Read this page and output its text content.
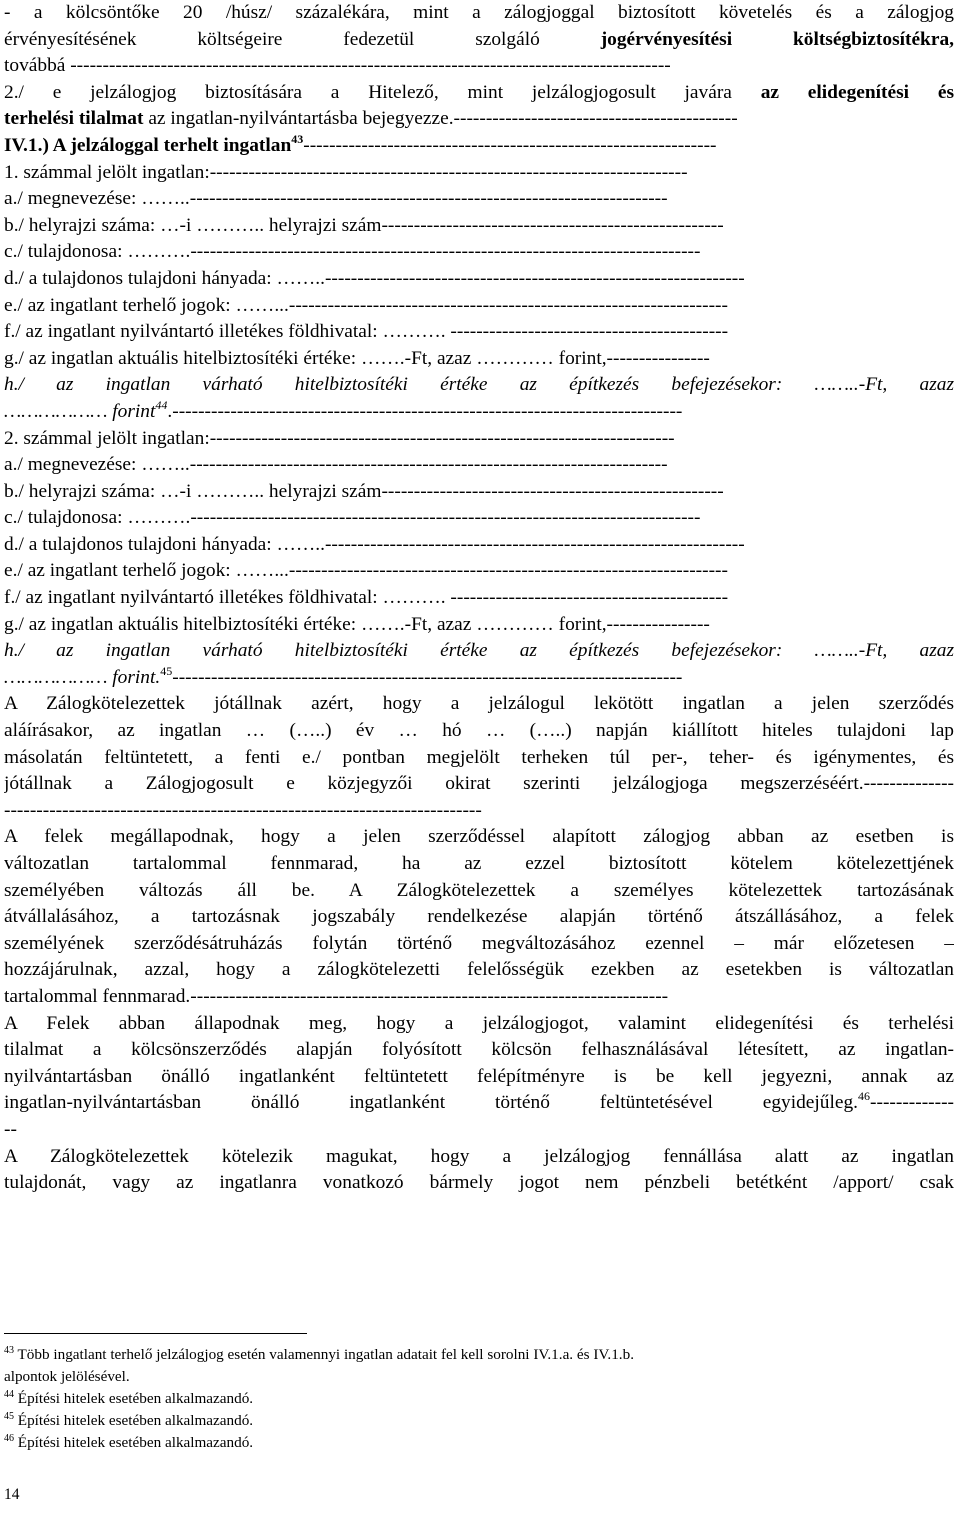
- a kölcsöntőke 20 /húsz/ százalékára, mint a zálogjoggal biztosított követelés és a zálogjog
érvényesítésének költségeire fedezetül szolgáló jogérvényesítési költségbiztosítékra,
továbbá ---------------------------------------------------------------------------------------------
2./ e jelzálogjog biztosítására a Hitelező, mint jelzálogjogosult javára az elidegenítési és
terhelési tilalmat az ingatlan-nyilvántartásba bejegyezze.--------------------------------------------
IV.1.) A jelzáloggal terhelt ingatlan$^{43}$----------------------------------------------------------------
1. számmal jelölt ingatlan:--------------------------------------------------------------------------
a./ megnevezése: ……..--------------------------------------------------------------------------
b./ helyrajzi száma: …-i ……….. helyrajzi szám-----------------------------------------------------
c./ tulajdonosa: ……….-------------------------------------------------------------------------------
d./ a tulajdonos tulajdoni hányada: ……..-----------------------------------------------------------------
e./ az ingatlant terhelő jogok: ……...--------------------------------------------------------------------
f./ az ingatlant nyilvántartó illetékes földhivatal: ………. -------------------------------------------
g./ az ingatlan aktuális hitelbiztosítéki értéke: …….-Ft, azaz ………… forint,----------------
h./ az ingatlan várható hitelbiztosítéki értéke az építkezés befejezésekor: ……..-Ft, azaz
……………… forint$^{44}$.-------------------------------------------------------------------------------
2. számmal jelölt ingatlan:------------------------------------------------------------------------
a./ megnevezése: ……..--------------------------------------------------------------------------
b./ helyrajzi száma: …-i ……….. helyrajzi szám-----------------------------------------------------
c./ tulajdonosa: ……….-------------------------------------------------------------------------------
d./ a tulajdonos tulajdoni hányada: ……..-----------------------------------------------------------------
e./ az ingatlant terhelő jogok: ……...--------------------------------------------------------------------
f./ az ingatlant nyilvántartó illetékes földhivatal: ………. -------------------------------------------
g./ az ingatlan aktuális hitelbiztosítéki értéke: …….-Ft, azaz ………… forint,----------------
h./ az ingatlan várható hitelbiztosítéki értéke az építkezés befejezésekor: ……..-Ft, azaz
……………… forint.$^{45}$-------------------------------------------------------------------------------
A Zálogkötelezettek jótállnak azért, hogy a jelzálogul lekötött ingatlan a jelen szerződés
aláírásakor, az ingatlan … (…..) év … hó … (…..) napján kiállított hiteles tulajdoni lap
másolatán feltüntetett, a fenti e./ pontban megjelölt terheken túl per-, teher- és igénymentes, és
jótállnak a Zálogjogosult e közjegyzői okirat szerinti jelzálogjoga megszerzéséért.--------------
--------------------------------------------------------------------------
A felek megállapodnak, hogy a jelen szerződéssel alapított zálogjog abban az esetben is
változatlan tartalommal fennmarad, ha az ezzel biztosított kötelem kötelezettjének
személyében változás áll be. A Zálogkötelezettek a személyes kötelezettek tartozásának
átvállalásához, a tartozásnak jogszabály rendelkezése alapján történő átszállásához, a felek
személyének szerződésátruházás folytán történő megváltozásához ezennel – már előzetesen –
hozzájárulnak, azzal, hogy a zálogkötelezetti felelősségük ezekben az esetekben is változatlan
tartalommal fennmarad.--------------------------------------------------------------------------
A Felek abban állapodnak meg, hogy a jelzálogjogot, valamint elidegenítési és terhelési
tilalmat a kölcsönszerződés alapján folyósított kölcsön felhasználásával létesített, az ingatlan-
nyilvántartásban önálló ingatlanként feltüntetett felépítményre is be kell jegyezni, annak az
ingatlan-nyilvántartásban önálló ingatlanként történő feltüntetésével egyidejűleg.$^{46}$-------------
--
A Zálogkötelezettek kötelezik magukat, hogy a jelzálogjog fennállása alatt az ingatlan
tulajdonát, vagy az ingatlanra vonatkozó bármely jogot nem pénzbeli betétként /apport/ csak
$^{43}$ Több ingatlant terhelő jelzálogjog esetén valamennyi ingatlan adatait fel kell sorolni IV.1.a. és IV.1.b.
alpontok jelölésével.
$^{44}$ Építési hitelek esetében alkalmazandó.
$^{45}$ Építési hitelek esetében alkalmazandó.
$^{46}$ Építési hitelek esetében alkalmazandó.
14
